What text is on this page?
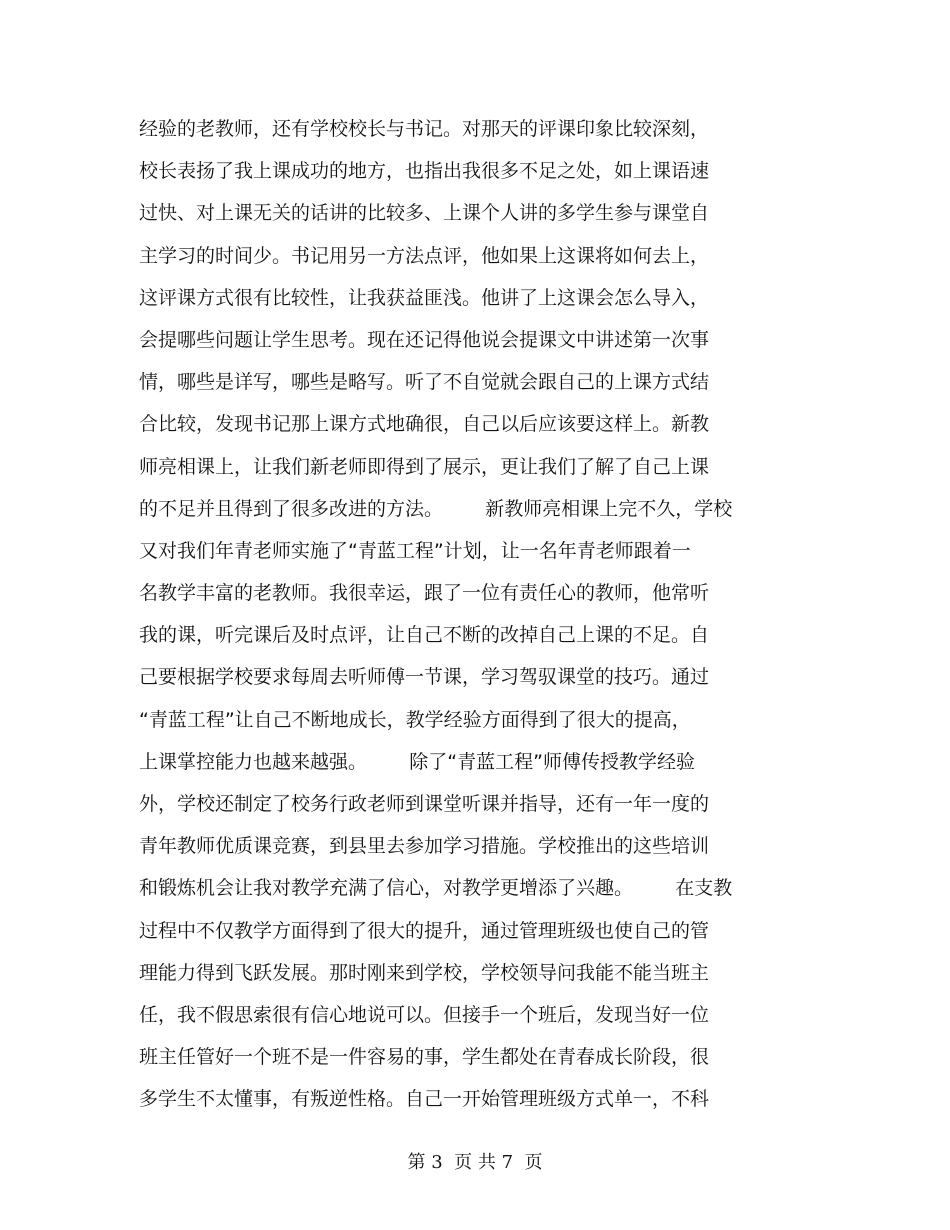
经验的老教师，还有学校校长与书记。对那天的评课印象比较深刻，
校长表扬了我上课成功的地方，也指出我很多不足之处，如上课语速
过快、对上课无关的话讲的比较多、上课个人讲的多学生参与课堂自
主学习的时间少。书记用另一方法点评，他如果上这课将如何去上，
这评课方式很有比较性，让我获益匪浅。他讲了上这课会怎么导入，
会提哪些问题让学生思考。现在还记得他说会提课文中讲述第一次事
情，哪些是详写，哪些是略写。听了不自觉就会跟自己的上课方式结
合比较，发现书记那上课方式地确很，自己以后应该要这样上。新教
师亮相课上，让我们新老师即得到了展示，更让我们了解了自己上课
的不足并且得到了很多改进的方法。       新教师亮相课上完不久，学校
又对我们年青老师实施了“青蓝工程”计划，让一名年青老师跟着一
名教学丰富的老教师。我很幸运，跟了一位有责任心的教师，他常听
我的课，听完课后及时点评，让自己不断的改掉自己上课的不足。自
己要根据学校要求每周去听师傅一节课，学习驾驭课堂的技巧。通过
“青蓝工程”让自己不断地成长，教学经验方面得到了很大的提高，
上课掌控能力也越来越强。       除了“青蓝工程”师傅传授教学经验
外，学校还制定了校务行政老师到课堂听课并指导，还有一年一度的
青年教师优质课竞赛，到县里去参加学习措施。学校推出的这些培训
和锻炼机会让我对教学充满了信心，对教学更增添了兴趣。       在支教
过程中不仅教学方面得到了很大的提升，通过管理班级也使自己的管
理能力得到飞跃发展。那时刚来到学校，学校领导问我能不能当班主
任，我不假思索很有信心地说可以。但接手一个班后，发现当好一位
班主任管好一个班不是一件容易的事，学生都处在青春成长阶段，很
多学生不太懂事，有叛逆性格。自己一开始管理班级方式单一，不科
第 3  页 共 7  页
